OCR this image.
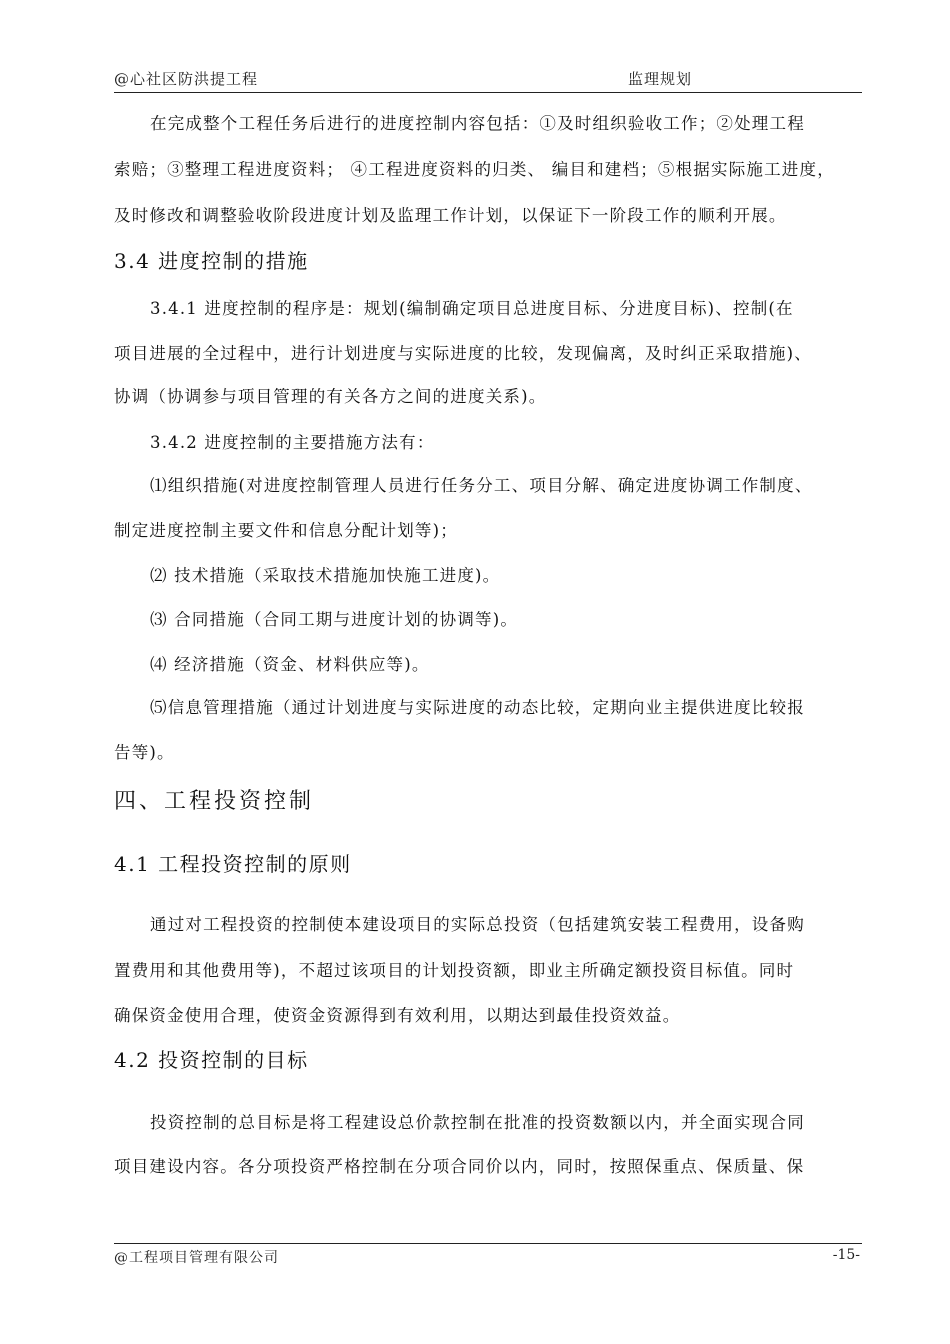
@心社区防洪提工程	监理规划
在完成整个工程任务后进行的进度控制内容包括：①及时组织验收工作；②处理工程
索赔；③整理工程进度资料； ④工程进度资料的归类、 编目和建档；⑤根据实际施工进度，
及时修改和调整验收阶段进度计划及监理工作计划，以保证下一阶段工作的顺利开展。
3.4 进度控制的措施
3.4.1 进度控制的程序是：规划(编制确定项目总进度目标、分进度目标)、控制(在
项目进展的全过程中，进行计划进度与实际进度的比较，发现偏离，及时纠正采取措施)、
协调（协调参与项目管理的有关各方之间的进度关系)。
3.4.2 进度控制的主要措施方法有：
⑴组织措施(对进度控制管理人员进行任务分工、项目分解、确定进度协调工作制度、
制定进度控制主要文件和信息分配计划等)；
⑵ 技术措施（采取技术措施加快施工进度)。
⑶ 合同措施（合同工期与进度计划的协调等)。
⑷ 经济措施（资金、材料供应等)。
⑸信息管理措施（通过计划进度与实际进度的动态比较，定期向业主提供进度比较报
告等)。
四、工程投资控制
4.1 工程投资控制的原则
通过对工程投资的控制使本建设项目的实际总投资（包括建筑安装工程费用，设备购
置费用和其他费用等)，不超过该项目的计划投资额，即业主所确定额投资目标值。同时
确保资金使用合理，使资金资源得到有效利用，以期达到最佳投资效益。
4.2 投资控制的目标
投资控制的总目标是将工程建设总价款控制在批准的投资数额以内，并全面实现合同
项目建设内容。各分项投资严格控制在分项合同价以内，同时，按照保重点、保质量、保
@工程项目管理有限公司	-15-
